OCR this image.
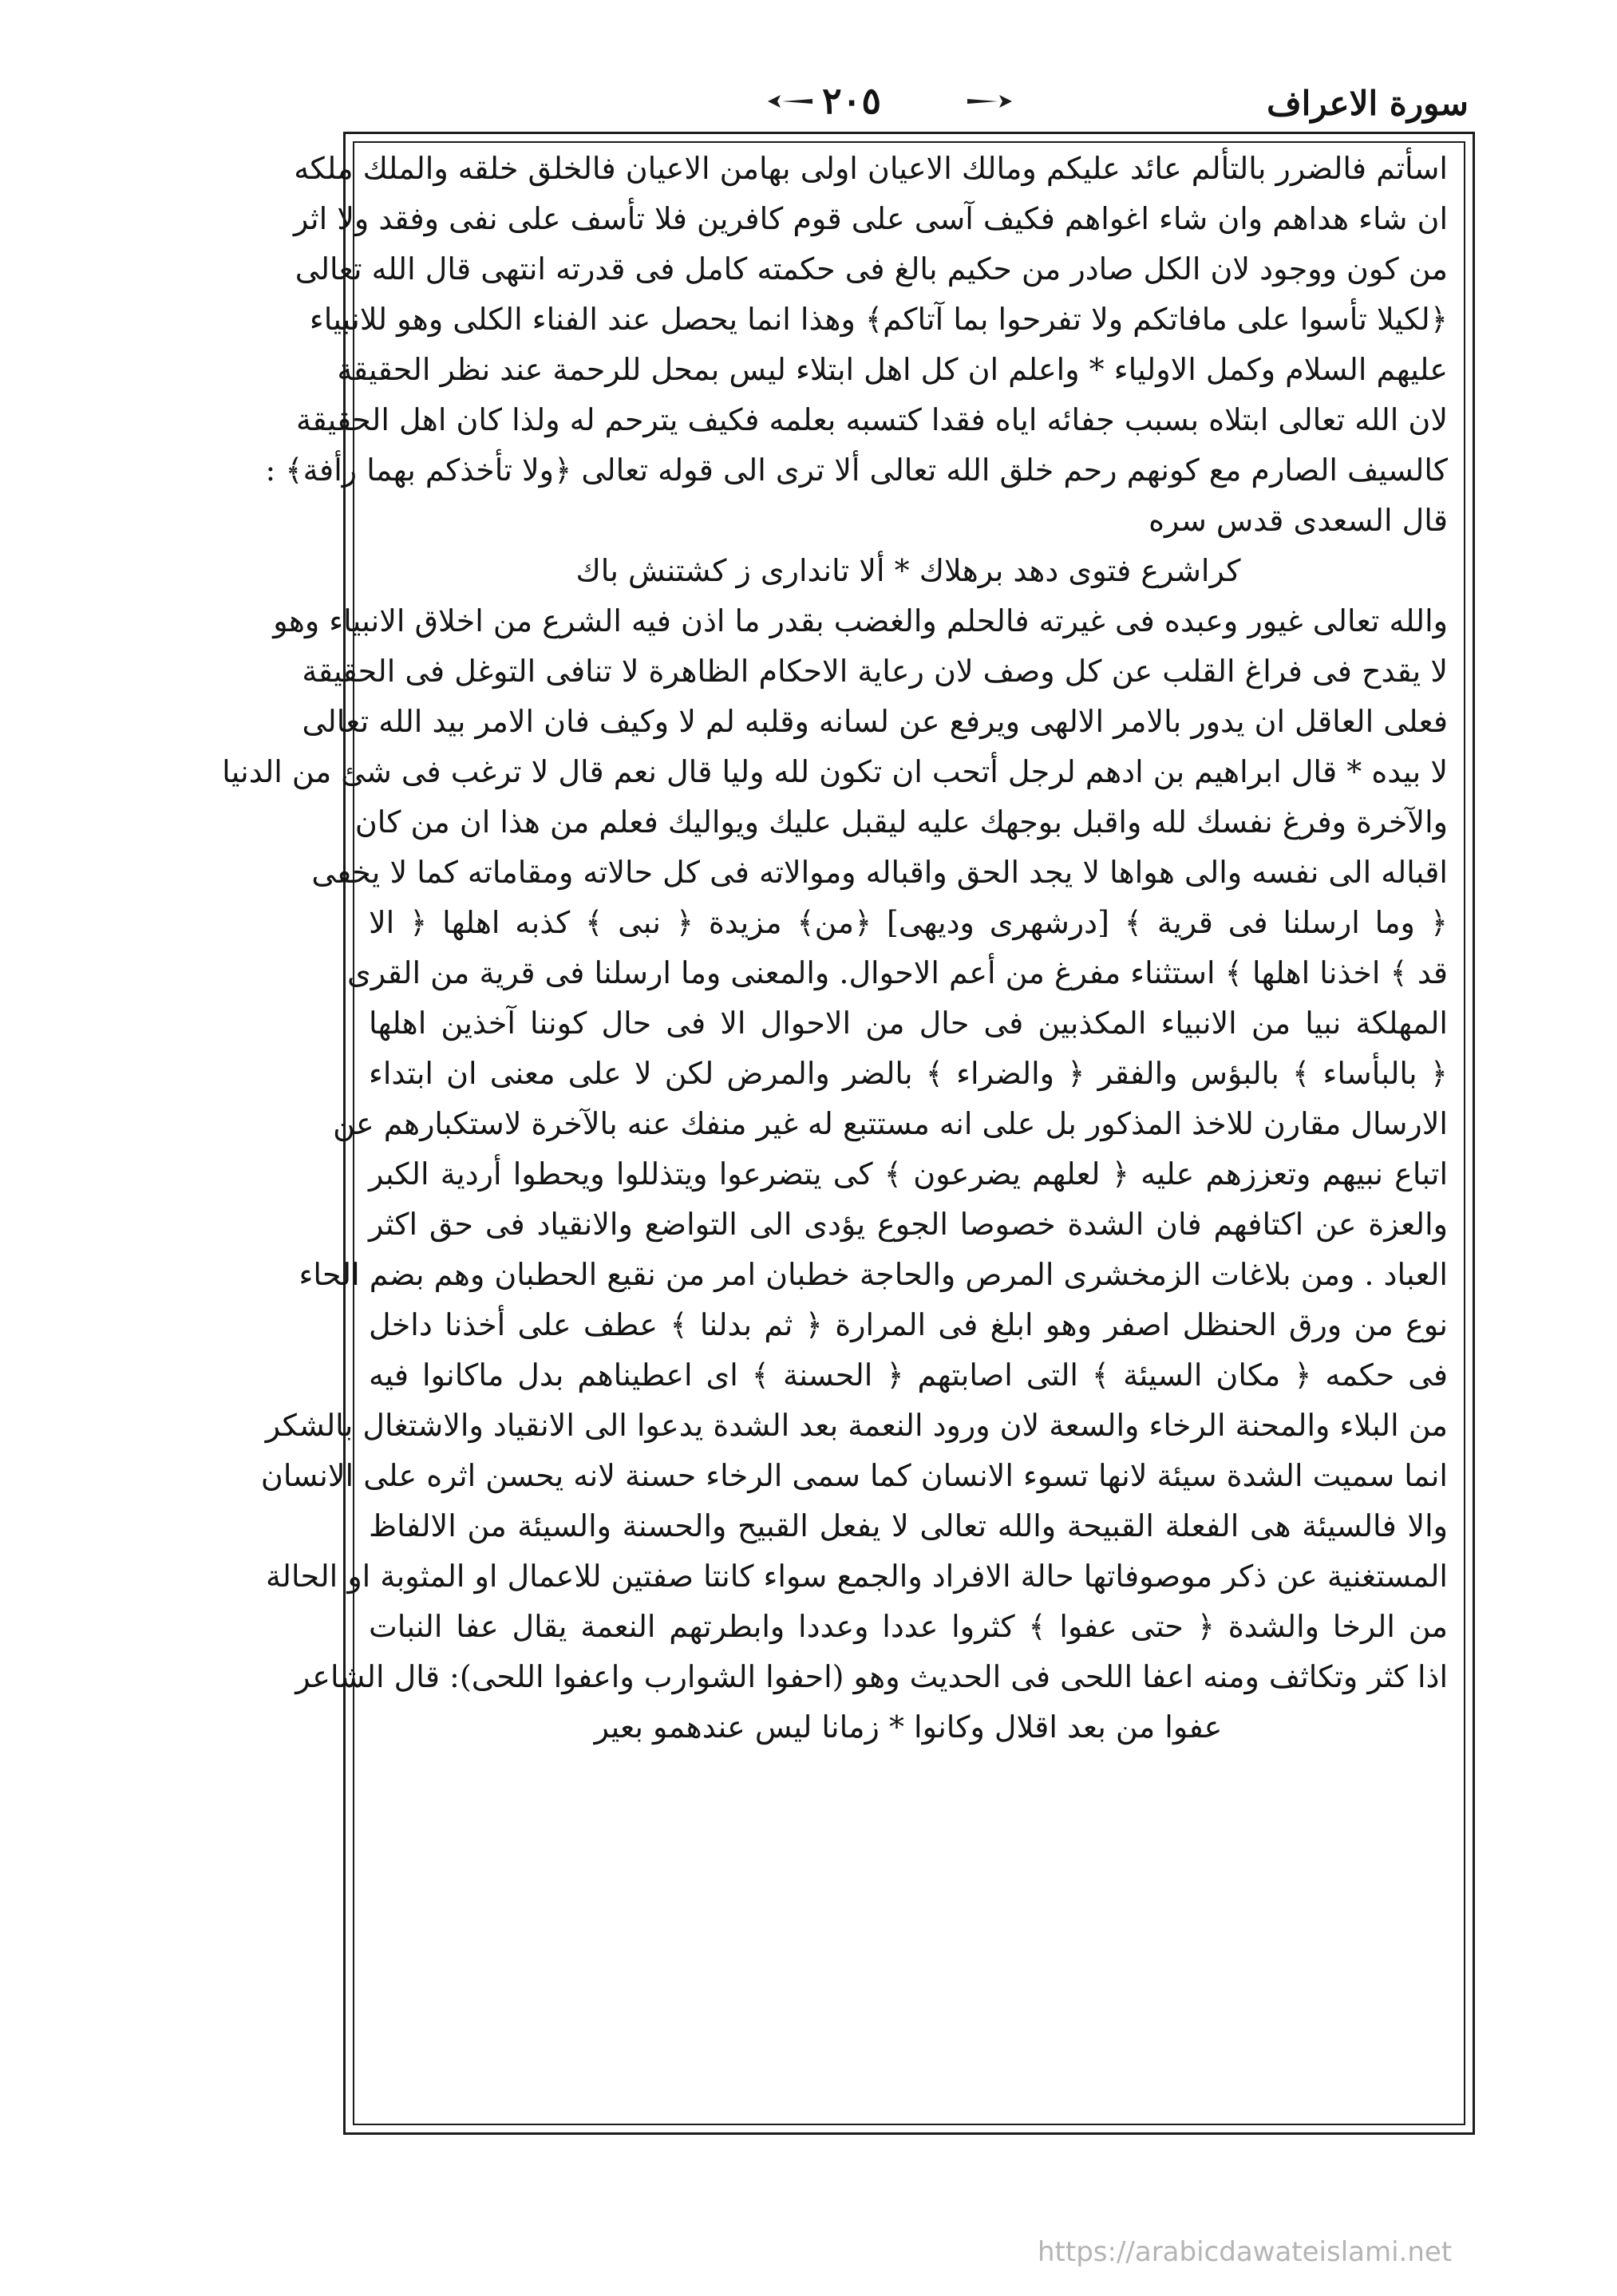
سورة الاعراف
٢٠٥
اسأتم فالضرر بالتألم عائد عليكم ومالك الاعيان اولى بهامن الاعيان فالخلق خلقه والملك ملكه
ان شاء هداهم وان شاء اغواهم فكيف آسى على قوم كافرين فلا تأسف على نفى وفقد ولا اثر
من كون ووجود لان الكل صادر من حكيم بالغ فى حكمته كامل فى قدرته انتهى قال الله تعالى
﴿لكيلا تأسوا على مافاتكم ولا تفرحوا بما آتاكم﴾ وهذا انما يحصل عند الفناء الكلى وهو للانبياء
عليهم السلام وكمل الاولياء * واعلم ان كل اهل ابتلاء ليس بمحل للرحمة عند نظر الحقيقة
لان الله تعالى ابتلاه بسبب جفائه اياه فقدا كتسبه بعلمه فكيف يترحم له ولذا كان اهل الحقيقة
كالسيف الصارم مع كونهم رحم خلق الله تعالى ألا ترى الى قوله تعالى ﴿ولا تأخذكم بهما رأفة﴾ :
قال السعدى قدس سره
كراشرع فتوى دهد برهلاك * ألا تاندارى ز كشتنش باك
والله تعالى غيور وعبده فى غيرته فالحلم والغضب بقدر ما اذن فيه الشرع من اخلاق الانبياء وهو
لا يقدح فى فراغ القلب عن كل وصف لان رعاية الاحكام الظاهرة لا تنافى التوغل فى الحقيقة
فعلى العاقل ان يدور بالامر الالهى ويرفع عن لسانه وقلبه لم لا وكيف فان الامر بيد الله تعالى
لا بيده * قال ابراهيم بن ادهم لرجل أتحب ان تكون لله وليا قال نعم قال لا ترغب فى شئ من الدنيا
والآخرة وفرغ نفسك لله واقبل بوجهك عليه ليقبل عليك ويواليك فعلم من هذا ان من كان
اقباله الى نفسه والى هواها لا يجد الحق واقباله وموالاته فى كل حالاته ومقاماته كما لا يخفى
﴿ وما ارسلنا فى قرية ﴾ [درشهرى وديهى] ﴿من﴾ مزيدة ﴿ نبى ﴾ كذبه اهلها ﴿ الا
قد ﴾ اخذنا اهلها ﴾ استثناء مفرغ من أعم الاحوال. والمعنى وما ارسلنا فى قرية من القرى
المهلكة نبيا من الانبياء المكذبين فى حال من الاحوال الا فى حال كوننا آخذين اهلها
﴿ بالبأساء ﴾ بالبؤس والفقر ﴿ والضراء ﴾ بالضر والمرض لكن لا على معنى ان ابتداء
الارسال مقارن للاخذ المذكور بل على انه مستتبع له غير منفك عنه بالآخرة لاستكبارهم عن
اتباع نبيهم وتعززهم عليه ﴿ لعلهم يضرعون ﴾ كى يتضرعوا ويتذللوا ويحطوا أردية الكبر
والعزة عن اكتافهم فان الشدة خصوصا الجوع يؤدى الى التواضع والانقياد فى حق اكثر
العباد . ومن بلاغات الزمخشرى المرص والحاجة خطبان امر من نقيع الحطبان وهم بضم الحاء
نوع من ورق الحنظل اصفر وهو ابلغ فى المرارة ﴿ ثم بدلنا ﴾ عطف على أخذنا داخل
فى حكمه ﴿ مكان السيئة ﴾ التى اصابتهم ﴿ الحسنة ﴾ اى اعطيناهم بدل ماكانوا فيه
من البلاء والمحنة الرخاء والسعة لان ورود النعمة بعد الشدة يدعوا الى الانقياد والاشتغال بالشكر
انما سميت الشدة سيئة لانها تسوء الانسان كما سمى الرخاء حسنة لانه يحسن اثره على الانسان
والا فالسيئة هى الفعلة القبيحة والله تعالى لا يفعل القبيح والحسنة والسيئة من الالفاظ
المستغنية عن ذكر موصوفاتها حالة الافراد والجمع سواء كانتا صفتين للاعمال او المثوبة او الحالة
من الرخا والشدة ﴿ حتى عفوا ﴾ كثروا عددا وعددا وابطرتهم النعمة يقال عفا النبات
اذا كثر وتكاثف ومنه اعفا اللحى فى الحديث وهو (احفوا الشوارب واعفوا اللحى): قال الشاعر
عفوا من بعد اقلال وكانوا * زمانا ليس عندهمو بعير
https://arabicdawateislami.net
